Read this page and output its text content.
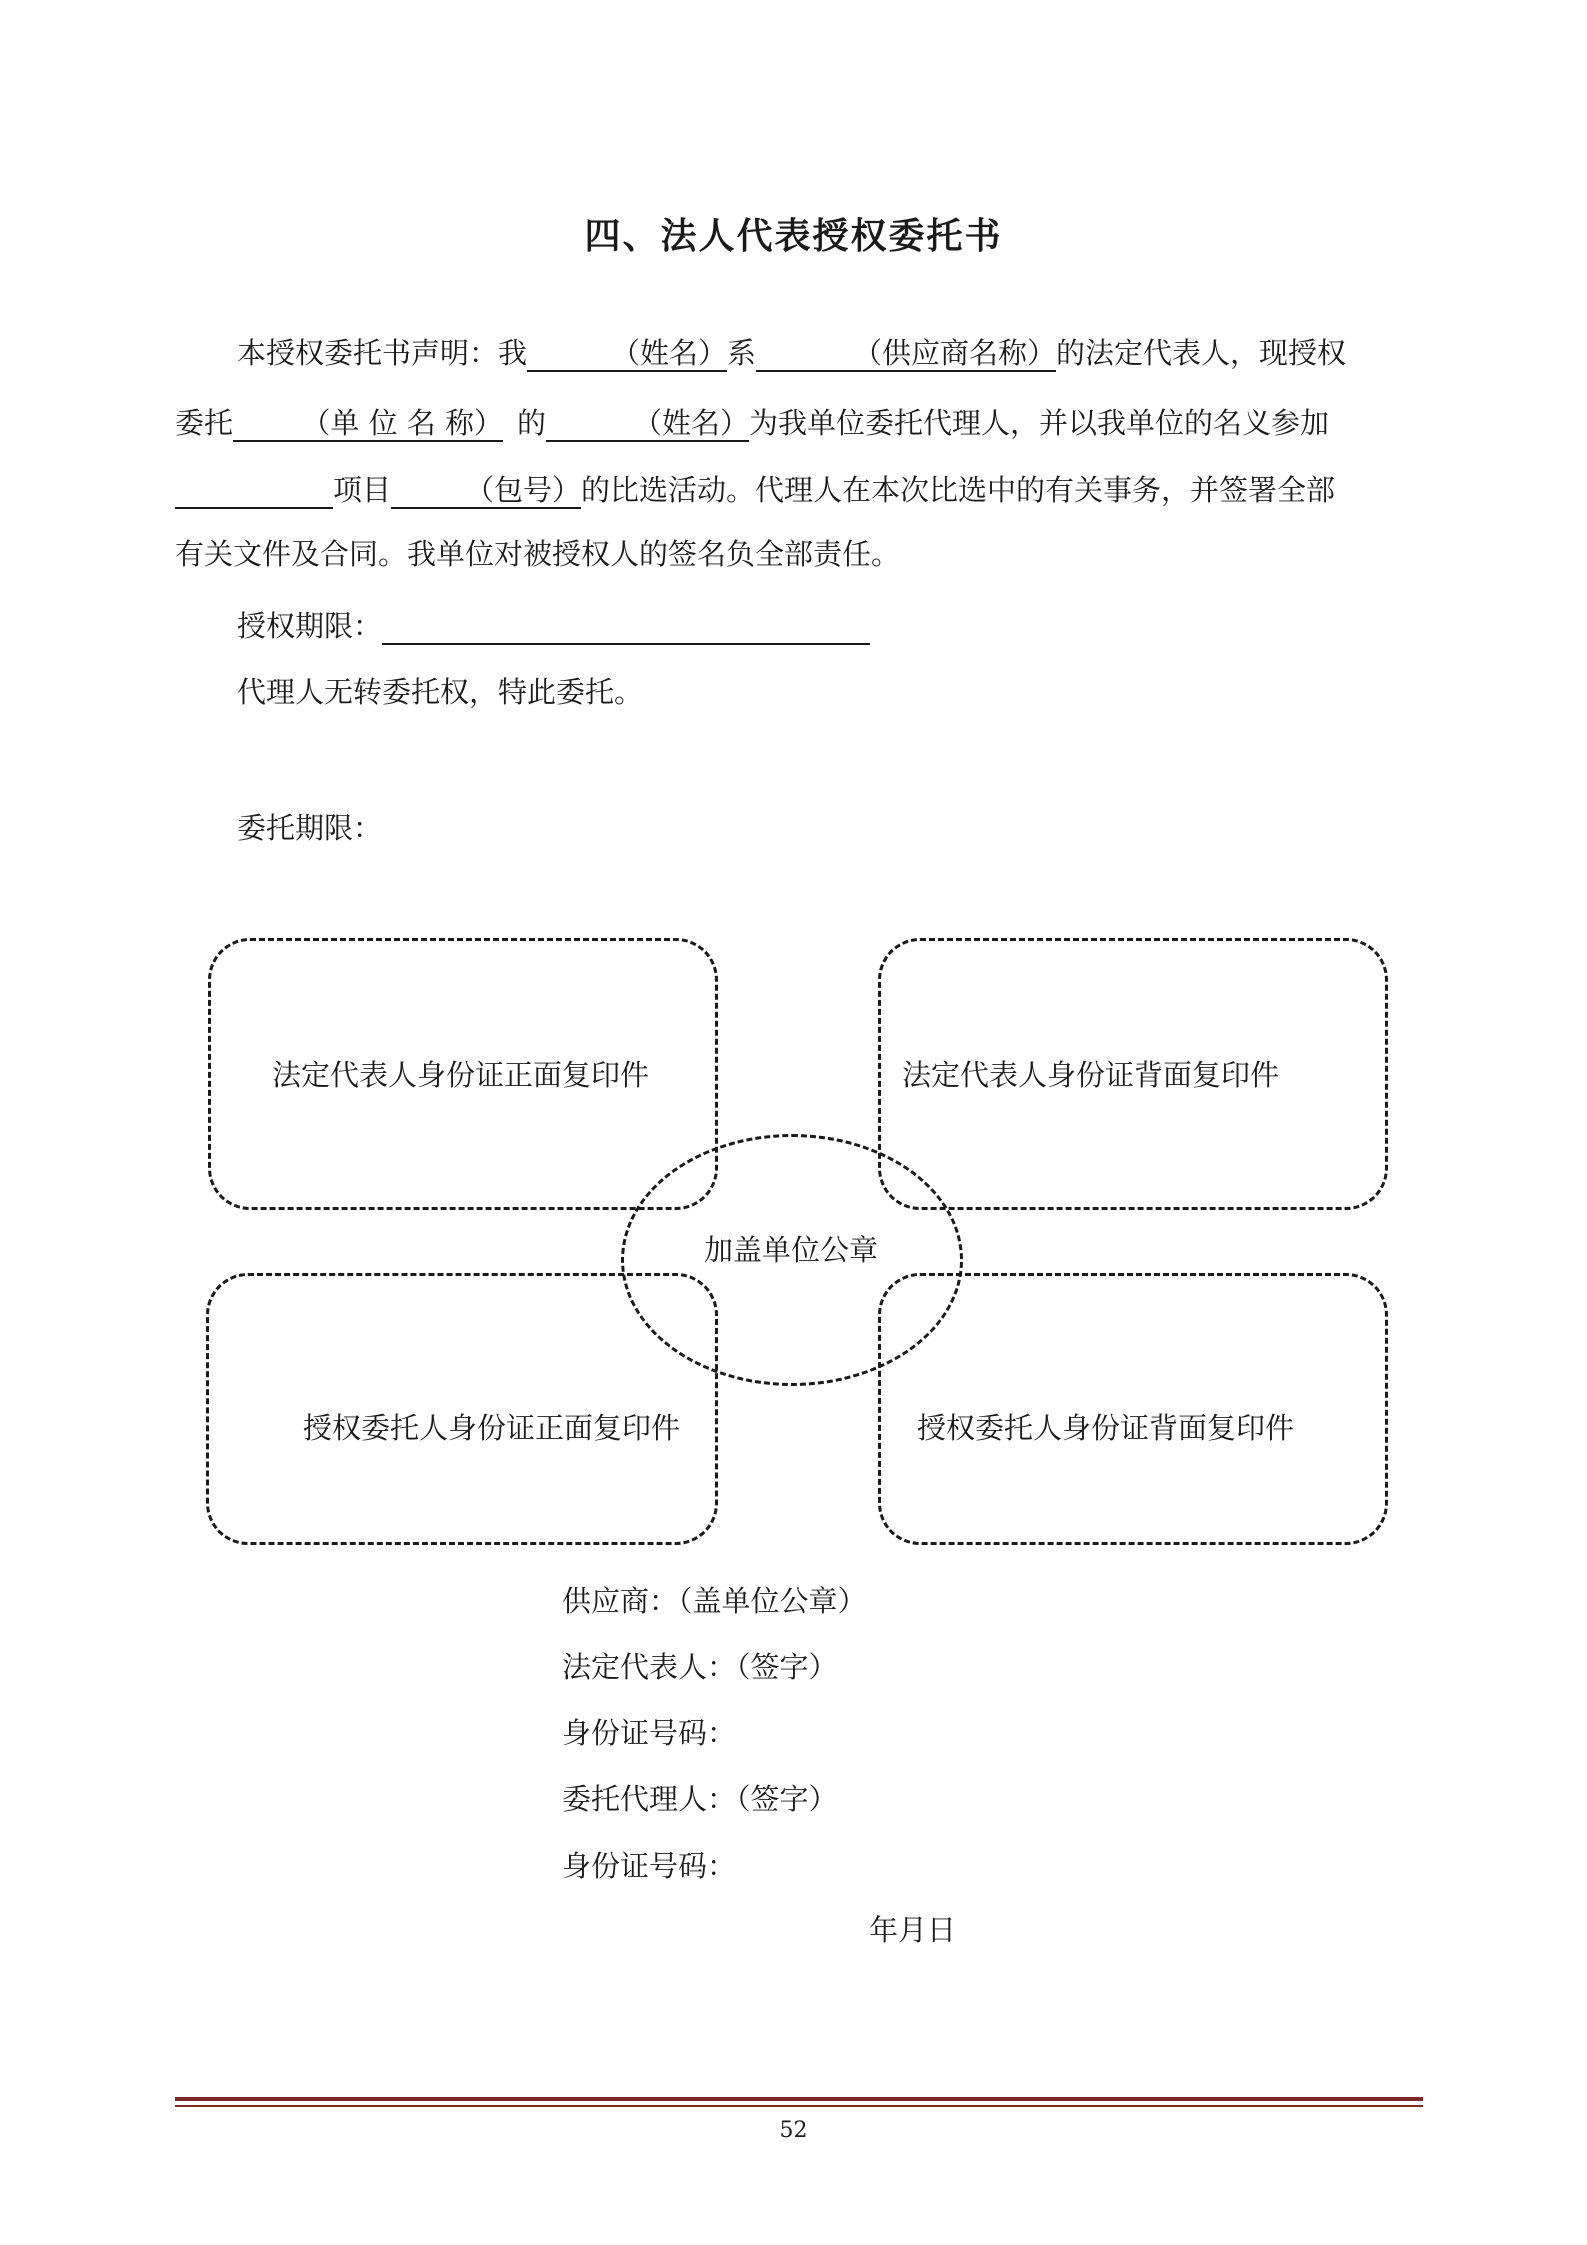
四、法人代表授权委托书
本授权委托书声明：我	（姓名）系	（供应商名称）的法定代表人，现授权
委托 （单 位 名 称） 的	（姓名）为我单位委托代理人，并以我单位的名义参加
项目	（包号）的比选活动。代理人在本次比选中的有关事务，并签署全部
有关文件及合同。我单位对被授权人的签名负全部责任。
授权期限：
代理人无转委托权，特此委托。
委托期限：
法定代表人身份证正面复印件	法定代表人身份证背面复印件
加盖单位公章
授权委托人身份证正面复印件	授权委托人身份证背面复印件
供应商：（盖单位公章）
法定代表人：（签字）
身份证号码：
委托代理人：（签字）
身份证号码：
年月日
52
